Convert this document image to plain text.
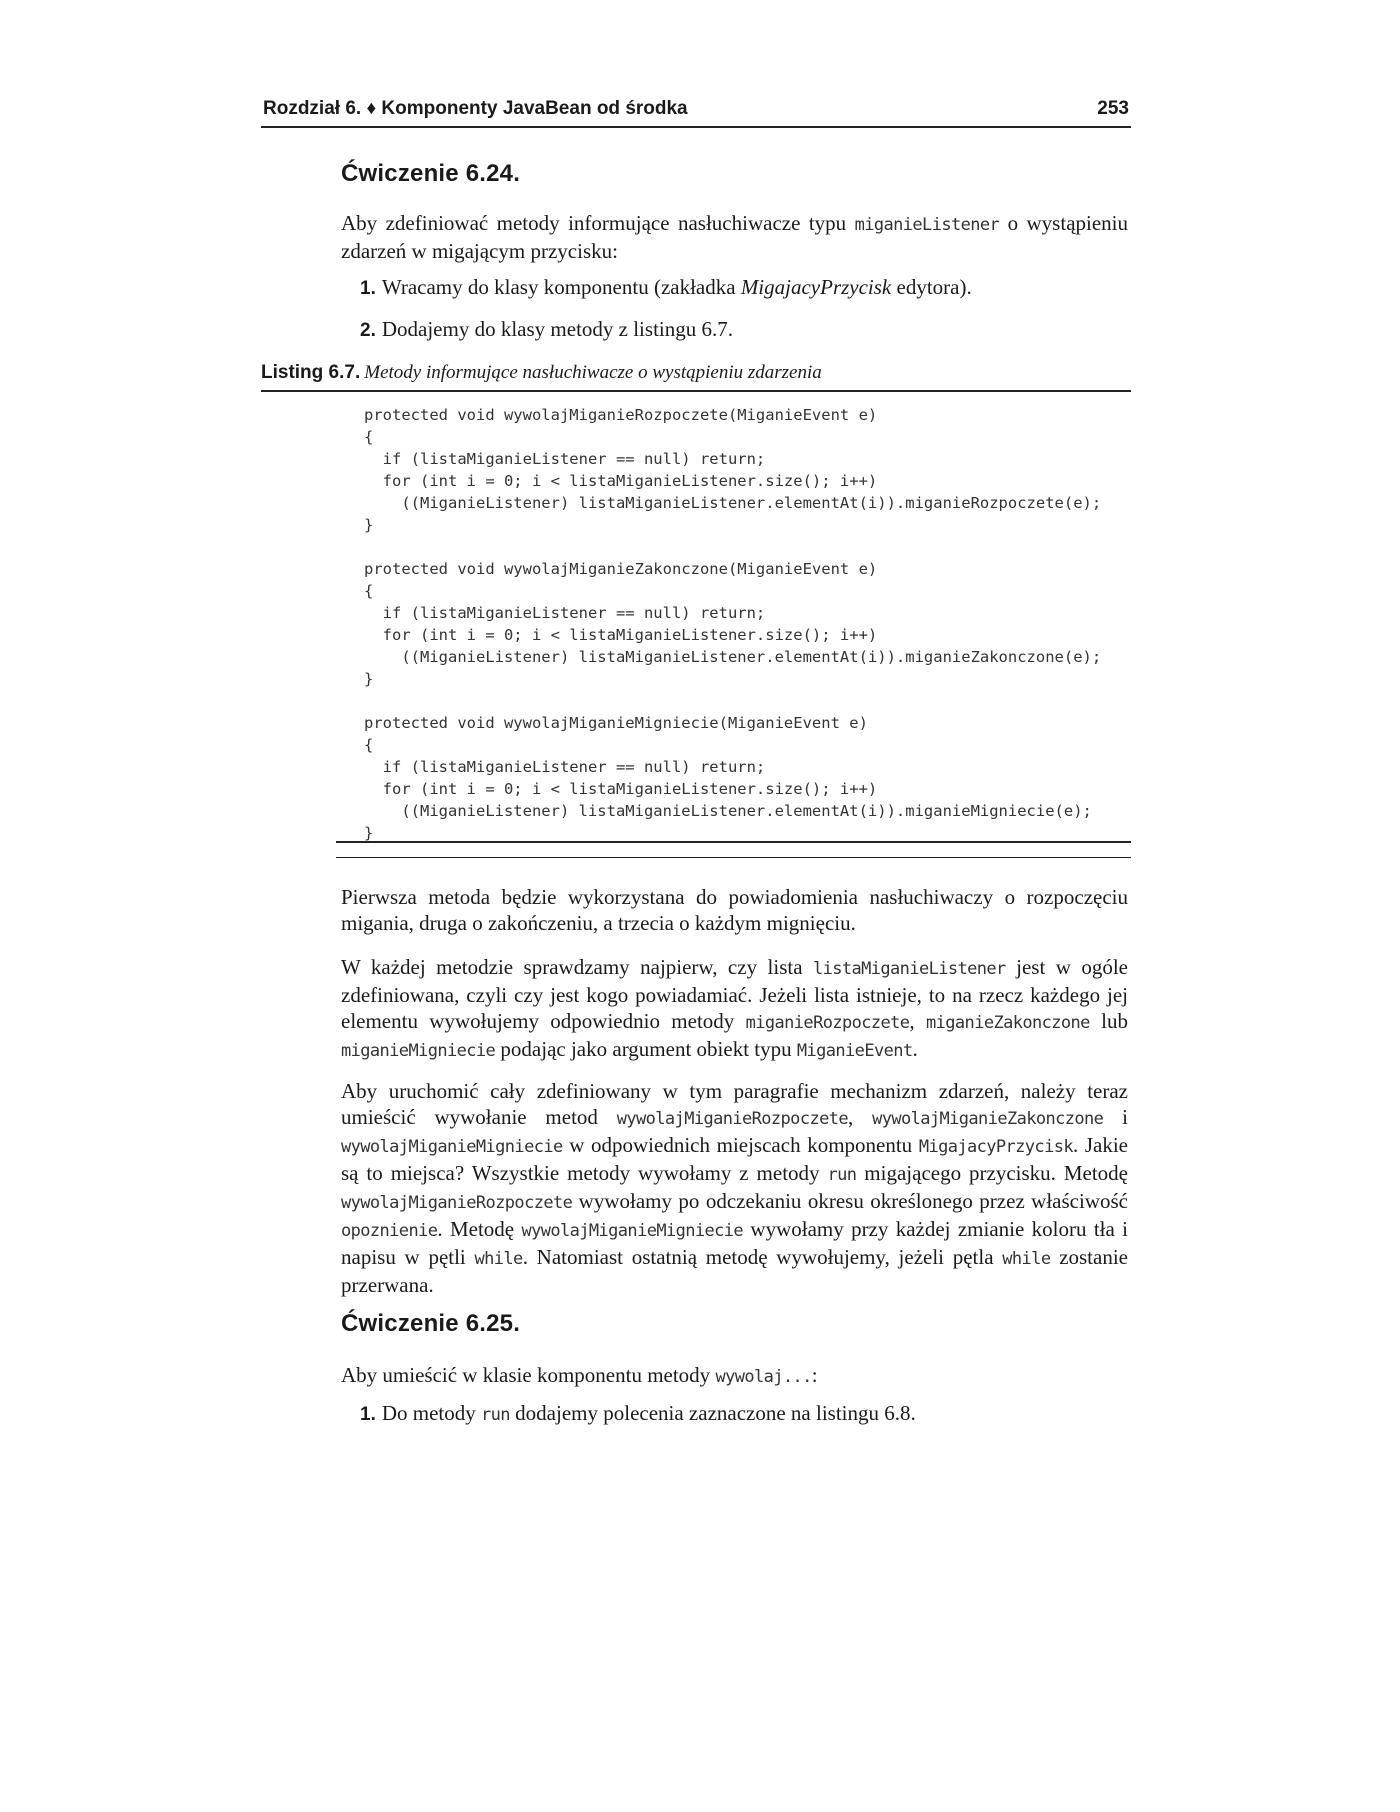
Rozdział 6. ♦ Komponenty JavaBean od środka	253
Ćwiczenie 6.24.
Aby zdefiniować metody informujące nasłuchiwacze typu miganieListener o wystąpieniu zdarzeń w migającym przycisku:
1. Wracamy do klasy komponentu (zakładka MigajacyPrzycisk edytora).
2. Dodajemy do klasy metody z listingu 6.7.
Listing 6.7. Metody informujące nasłuchiwacze o wystąpieniu zdarzenia
protected void wywolajMiganieRozpoczete(MiganieEvent e)
{
if (listaMiganieListener == null) return;
for (int i = 0; i < listaMiganieListener.size(); i++)
((MiganieListener) listaMiganieListener.elementAt(i)).miganieRozpoczete(e);
}
protected void wywolajMiganieZakonczone(MiganieEvent e)
{
if (listaMiganieListener == null) return;
for (int i = 0; i < listaMiganieListener.size(); i++)
((MiganieListener) listaMiganieListener.elementAt(i)).miganieZakonczone(e);
}
protected void wywolajMiganieMigniecie(MiganieEvent e)
{
if (listaMiganieListener == null) return;
for (int i = 0; i < listaMiganieListener.size(); i++)
((MiganieListener) listaMiganieListener.elementAt(i)).miganieMigniecie(e);
}
Pierwsza metoda będzie wykorzystana do powiadomienia nasłuchiwaczy o rozpoczęciu migania, druga o zakończeniu, a trzecia o każdym mignięciu.
W każdej metodzie sprawdzamy najpierw, czy lista listaMiganieListener jest w ogóle zdefiniowana, czyli czy jest kogo powiadamiać. Jeżeli lista istnieje, to na rzecz każdego jej elementu wywołujemy odpowiednio metody miganieRozpoczete, miganieZakonczone lub miganieMigniecie podając jako argument obiekt typu MiganieEvent.
Aby uruchomić cały zdefiniowany w tym paragrafie mechanizm zdarzeń, należy teraz umieścić wywołanie metod wywolajMiganieRozpoczete, wywolajMiganieZakonczone i wywolajMiganieMigniecie w odpowiednich miejscach komponentu MigajacyPrzycisk. Jakie są to miejsca? Wszystkie metody wywołamy z metody run migającego przycisku. Metodę wywolajMiganieRozpoczete wywołamy po odczekaniu okresu określonego przez właściwość opoznienie. Metodę wywolajMiganieMigniecie wywołamy przy każdej zmianie koloru tła i napisu w pętli while. Natomiast ostatnią metodę wywołujemy, jeżeli pętla while zostanie przerwana.
Ćwiczenie 6.25.
Aby umieścić w klasie komponentu metody wywolaj...:
1. Do metody run dodajemy polecenia zaznaczone na listingu 6.8.
